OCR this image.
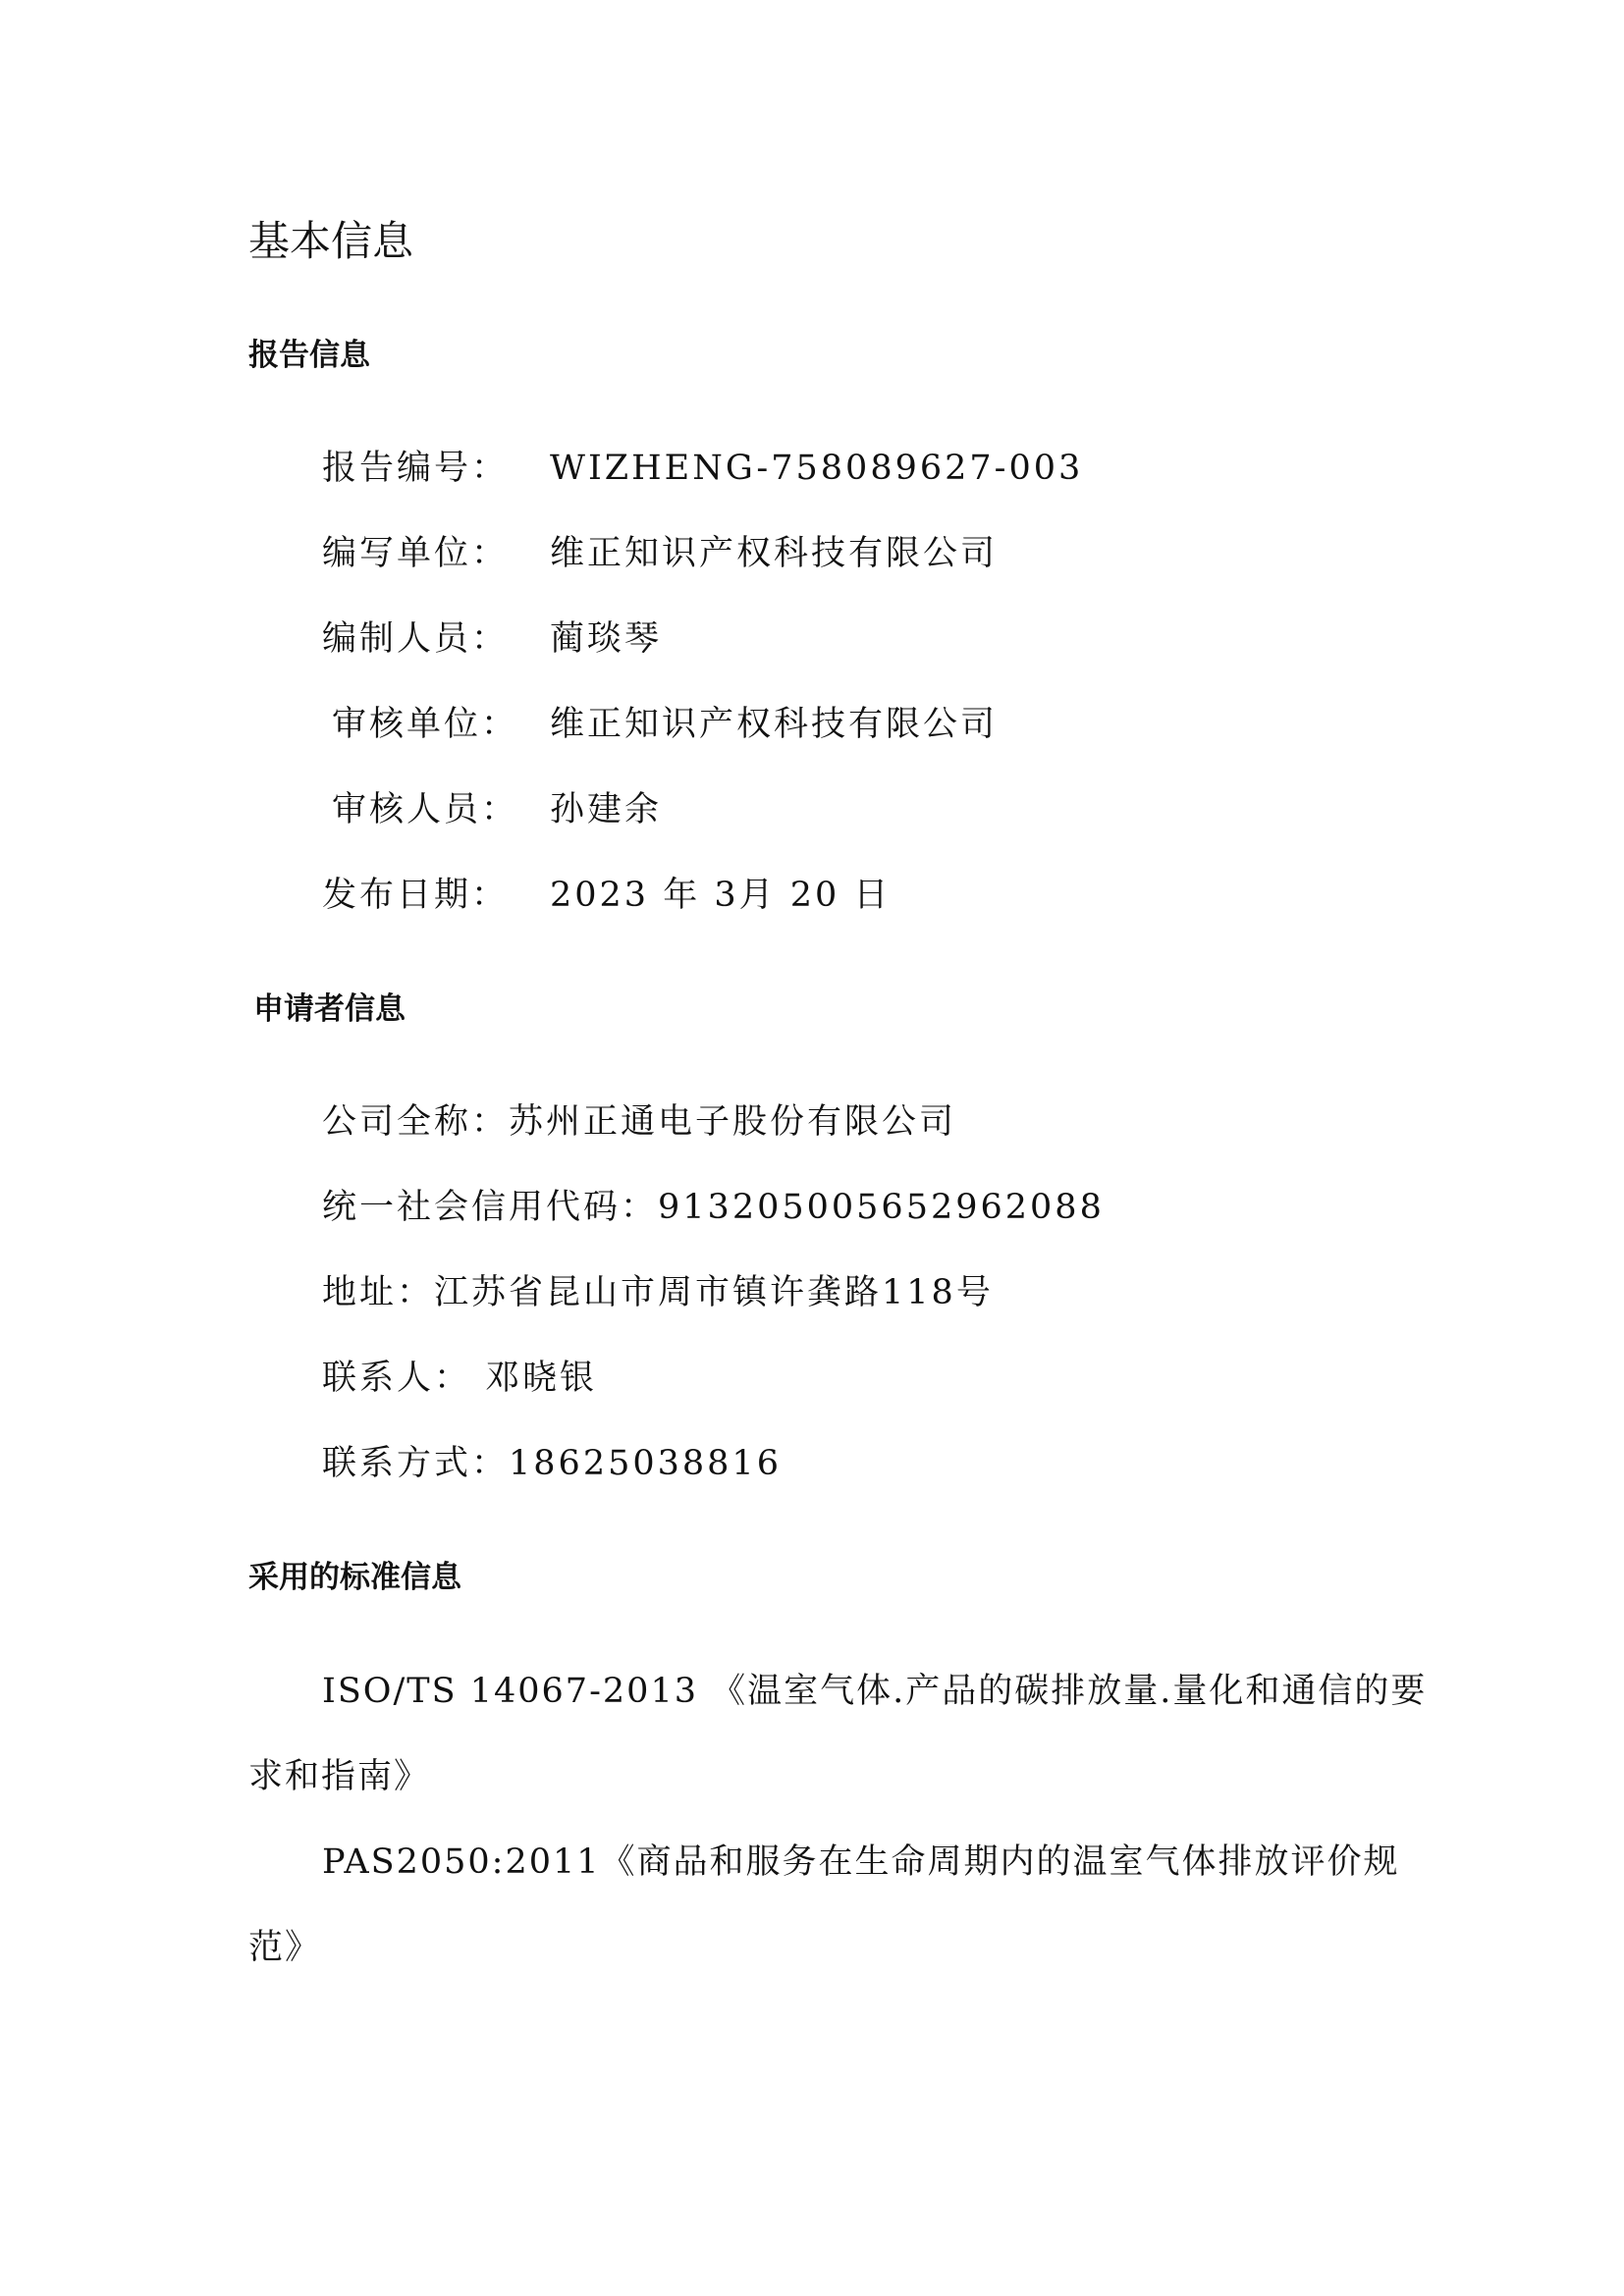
基本信息
报告信息
报告编号：	WIZHENG-758089627-003
编写单位：	维正知识产权科技有限公司
编制人员：	蔺琰琴
审核单位： 维正知识产权科技有限公司
审核人员： 孙建余
发布日期：	2023 年 3月 20 日
申请者信息
公司全称：苏州正通电子股份有限公司
统一社会信用代码：913205005652962088
地址：江苏省昆山市周市镇许龚路118号
联系人： 邓晓银
联系方式：18625038816
采用的标准信息
ISO/TS 14067-2013 《温室气体.产品的碳排放量.量化和通信的要
求和指南》
PAS2050:2011《商品和服务在生命周期内的温室气体排放评价规
范》
